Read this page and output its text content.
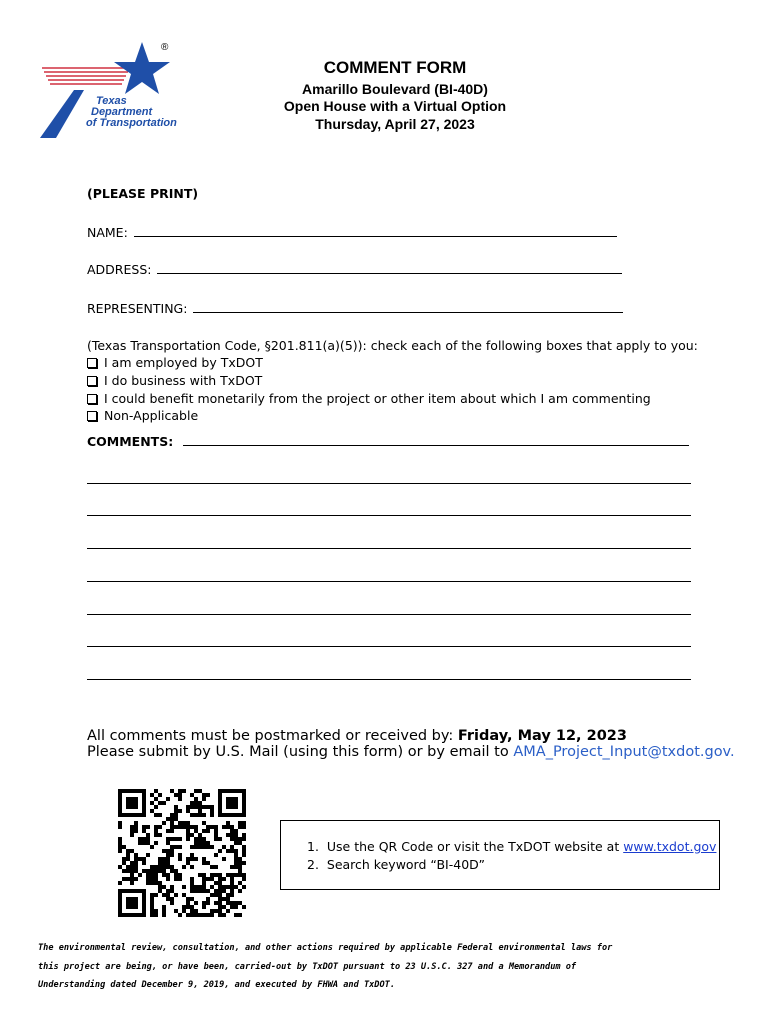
®
Texas
Department
of Transportation
COMMENT FORM
Amarillo Boulevard (BI-40D)
Open House with a Virtual Option
Thursday, April 27, 2023
(PLEASE PRINT)
NAME:
ADDRESS:
REPRESENTING:
(Texas Transportation Code, §201.811(a)(5)): check each of the following boxes that apply to you:
I am employed by TxDOT
I do business with TxDOT
I could benefit monetarily from the project or other item about which I am commenting
Non-Applicable
COMMENTS:
All comments must be postmarked or received by: Friday, May 12, 2023
Please submit by U.S. Mail (using this form) or by email to AMA_Project_Input@txdot.gov.
1. Use the QR Code or visit the TxDOT website at www.txdot.gov
2. Search keyword “BI-40D”
The environmental review, consultation, and other actions required by applicable Federal environmental laws for
this project are being, or have been, carried-out by TxDOT pursuant to 23 U.S.C. 327 and a Memorandum of
Understanding dated December 9, 2019, and executed by FHWA and TxDOT.
